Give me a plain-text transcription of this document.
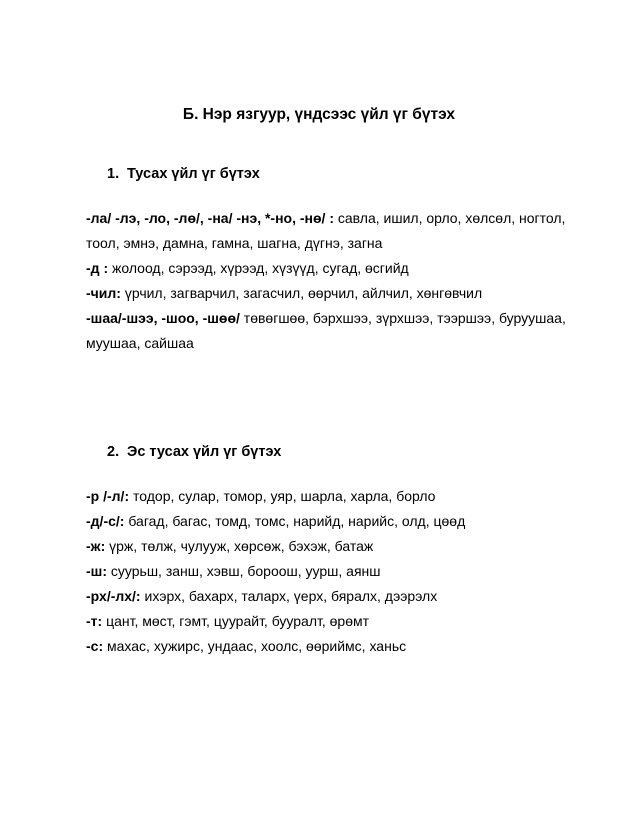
Б. Нэр язгуур, үндсээс үйл үг бүтэх
1. Тусах үйл үг бүтэх
-ла/ -лэ, -ло, -лө/, -на/ -нэ, *-но, -нө/ : савла, ишил, орло, хөлсөл, ногтол,
тоол, эмнэ, дамна, гамна, шагна, дүгнэ, загна
-д : жолоод, сэрээд, хүрээд, хүзүүд, сугад, өсгийд
-чил: үрчил, загварчил, загасчил, өөрчил, айлчил, хөнгөвчил
-шаа/-шээ, -шоо, -шөө/ төвөгшөө, бэрхшээ, зүрхшээ, тээршээ, буруушаа,
муушаа, сайшаа
2. Эс тусах үйл үг бүтэх
-р /-л/: тодор, сулар, томор, уяр, шарла, харла, борло
-д/-с/: багад, багас, томд, томс, нарийд, нарийс, олд, цөөд
-ж: үрж, төлж, чулууж, хөрсөж, бэхэж, батаж
-ш: суурьш, занш, хэвш, бороош, уурш, аянш
-рх/-лх/: ихэрх, бахарх, таларх, үерх, бяралх, дээрэлх
-т: цант, мөст, гэмт, цуурайт, бууралт, өрөмт
-с: махас, хужирс, ундаас, хоолс, өөриймс, ханьс
